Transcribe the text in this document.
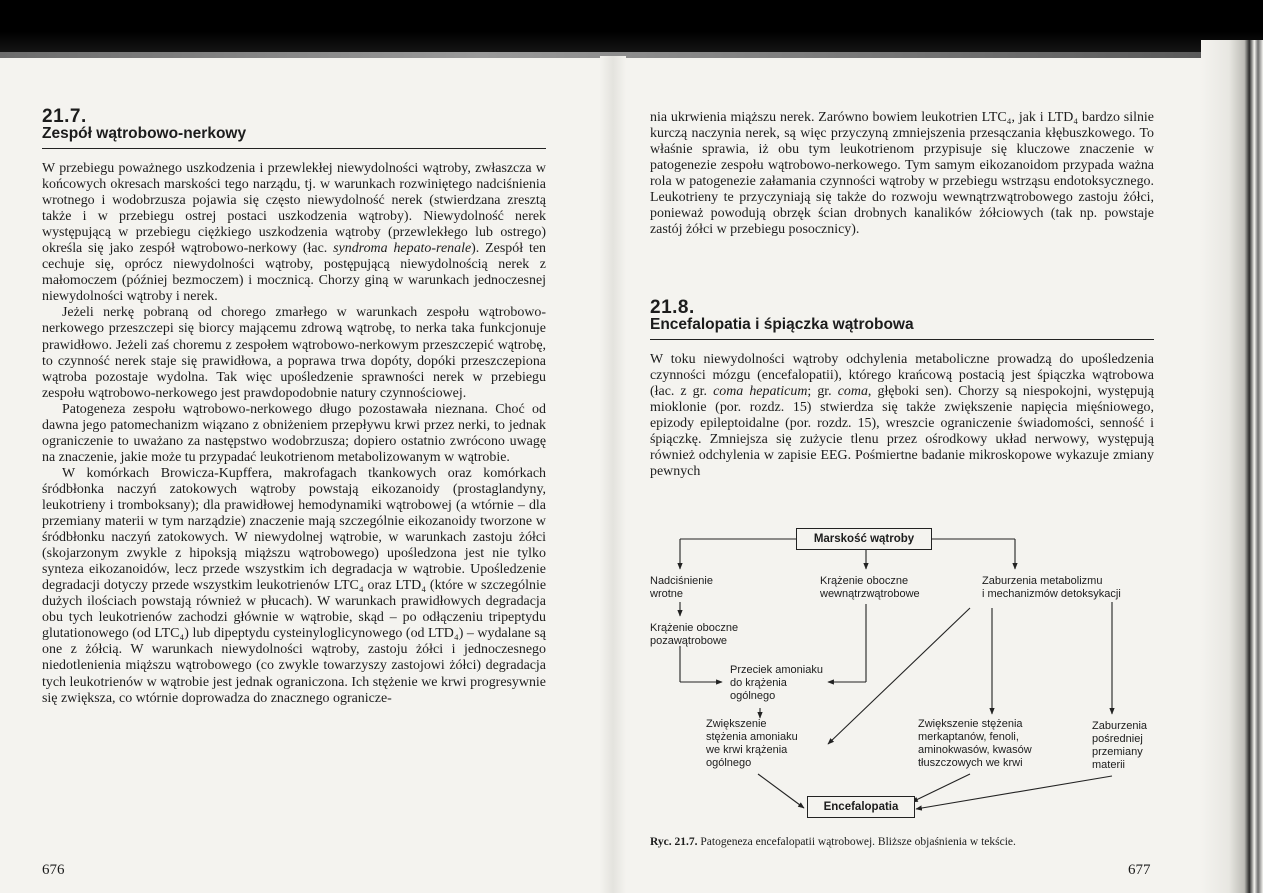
21.7.
Zespół wątrobowo-nerkowy

W przebiegu poważnego uszkodzenia i przewlekłej niewydolności wątroby, zwłaszcza w końcowych okresach marskości tego narządu, tj. w warunkach rozwiniętego nadciśnienia wrotnego i wodobrzusza pojawia się często niewydolność nerek (stwierdzana zresztą także i w przebiegu ostrej postaci uszkodzenia wątroby). Niewydolność nerek występującą w przebiegu ciężkiego uszkodzenia wątroby (przewlekłego lub ostrego) określa się jako zespół wątrobowo-nerkowy (łac. syndroma hepato-renale). Zespół ten cechuje się, oprócz niewydolności wątroby, postępującą niewydolnością nerek z małomoczem (później bezmoczem) i mocznicą. Chorzy giną w warunkach jednoczesnej niewydolności wątroby i nerek.

Jeżeli nerkę pobraną od chorego zmarłego w warunkach zespołu wątrobowo-nerkowego przeszczepi się biorcy mającemu zdrową wątrobę, to nerka taka funkcjonuje prawidłowo. Jeżeli zaś choremu z zespołem wątrobowo-nerkowym przeszczepić wątrobę, to czynność nerek staje się prawidłowa, a poprawa trwa dopóty, dopóki przeszczepiona wątroba pozostaje wydolna. Tak więc upośledzenie sprawności nerek w przebiegu zespołu wątrobowo-nerkowego jest prawdopodobnie natury czynnościowej.

Patogeneza zespołu wątrobowo-nerkowego długo pozostawała nieznana. Choć od dawna jego patomechanizm wiązano z obniżeniem przepływu krwi przez nerki, to jednak ograniczenie to uważano za następstwo wodobrzusza; dopiero ostatnio zwrócono uwagę na znaczenie, jakie może tu przypadać leukotrienom metabolizowanym w wątrobie.

W komórkach Browicza-Kupffera, makrofagach tkankowych oraz komórkach śródbłonka naczyń zatokowych wątroby powstają eikozanoidy (prostaglandyny, leukotrieny i tromboksany); dla prawidłowej hemodynamiki wątrobowej (a wtórnie – dla przemiany materii w tym narządzie) znaczenie mają szczególnie eikozanoidy tworzone w śródbłonku naczyń zatokowych. W niewydolnej wątrobie, w warunkach zastoju żółci (skojarzonym zwykle z hipoksją miąższu wątrobowego) upośledzona jest nie tylko synteza eikozanoidów, lecz przede wszystkim ich degradacja w wątrobie. Upośledzenie degradacji dotyczy przede wszystkim leukotrienów LTC₄ oraz LTD₄ (które w szczególnie dużych ilościach powstają również w płucach). W warunkach prawidłowych degradacja obu tych leukotrienów zachodzi głównie w wątrobie, skąd – po odłączeniu tripeptydu glutationowego (od LTC₄) lub dipeptydu cysteinyloglicynowego (od LTD₄) – wydalane są one z żółcią. W warunkach niewydolności wątroby, zastoju żółci i jednoczesnego niedotlenienia miąższu wątrobowego (co zwykle towarzyszy zastojowi żółci) degradacja tych leukotrienów w wątrobie jest jednak ograniczona. Ich stężenie we krwi progresywnie się zwiększa, co wtórnie doprowadza do znacznego ogranicze-

676

nia ukrwienia miąższu nerek. Zarówno bowiem leukotrien LTC₄, jak i LTD₄ bardzo silnie kurczą naczynia nerek, są więc przyczyną zmniejszenia przesączania kłębuszkowego. To właśnie sprawia, iż obu tym leukotrienom przypisuje się kluczowe znaczenie w patogenezie zespołu wątrobowo-nerkowego. Tym samym eikozanoidom przypada ważna rola w patogenezie załamania czynności wątroby w przebiegu wstrząsu endotoksycznego. Leukotrieny te przyczyniają się także do rozwoju wewnątrzwątrobowego zastoju żółci, ponieważ powodują obrzęk ścian drobnych kanalików żółciowych (tak np. powstaje zastój żółci w przebiegu posocznicy).

21.8.
Encefalopatia i śpiączka wątrobowa

W toku niewydolności wątroby odchylenia metaboliczne prowadzą do upośledzenia czynności mózgu (encefalopatii), którego krańcową postacią jest śpiączka wątrobowa (łac. z gr. coma hepaticum; gr. coma, głęboki sen). Chorzy są niespokojni, występują mioklonie (por. rozdz. 15) stwierdza się także zwiększenie napięcia mięśniowego, epizody epileptoidalne (por. rozdz. 15), wreszcie ograniczenie świadomości, senność i śpiączkę. Zmniejsza się zużycie tlenu przez ośrodkowy układ nerwowy, występują również odchylenia w zapisie EEG. Pośmiertne badanie mikroskopowe wykazuje zmiany pewnych

Marskość wątroby
Nadciśnienie
wrotne
Krążenie oboczne
wewnątrzwątrobowe
Zaburzenia metabolizmu
i mechanizmów detoksykacji
Krążenie oboczne
pozawątrobowe
Przeciek amoniaku
do krążenia
ogólnego
Zwiększenie
stężenia amoniaku
we krwi krążenia
ogólnego
Zwiększenie stężenia
merkaptanów, fenoli,
aminokwasów, kwasów
tłuszczowych we krwi
Zaburzenia
pośredniej
przemiany
materii
Encefalopatia
Ryc. 21.7. Patogeneza encefalopatii wątrobowej. Bliższe objaśnienia w tekście.
677
